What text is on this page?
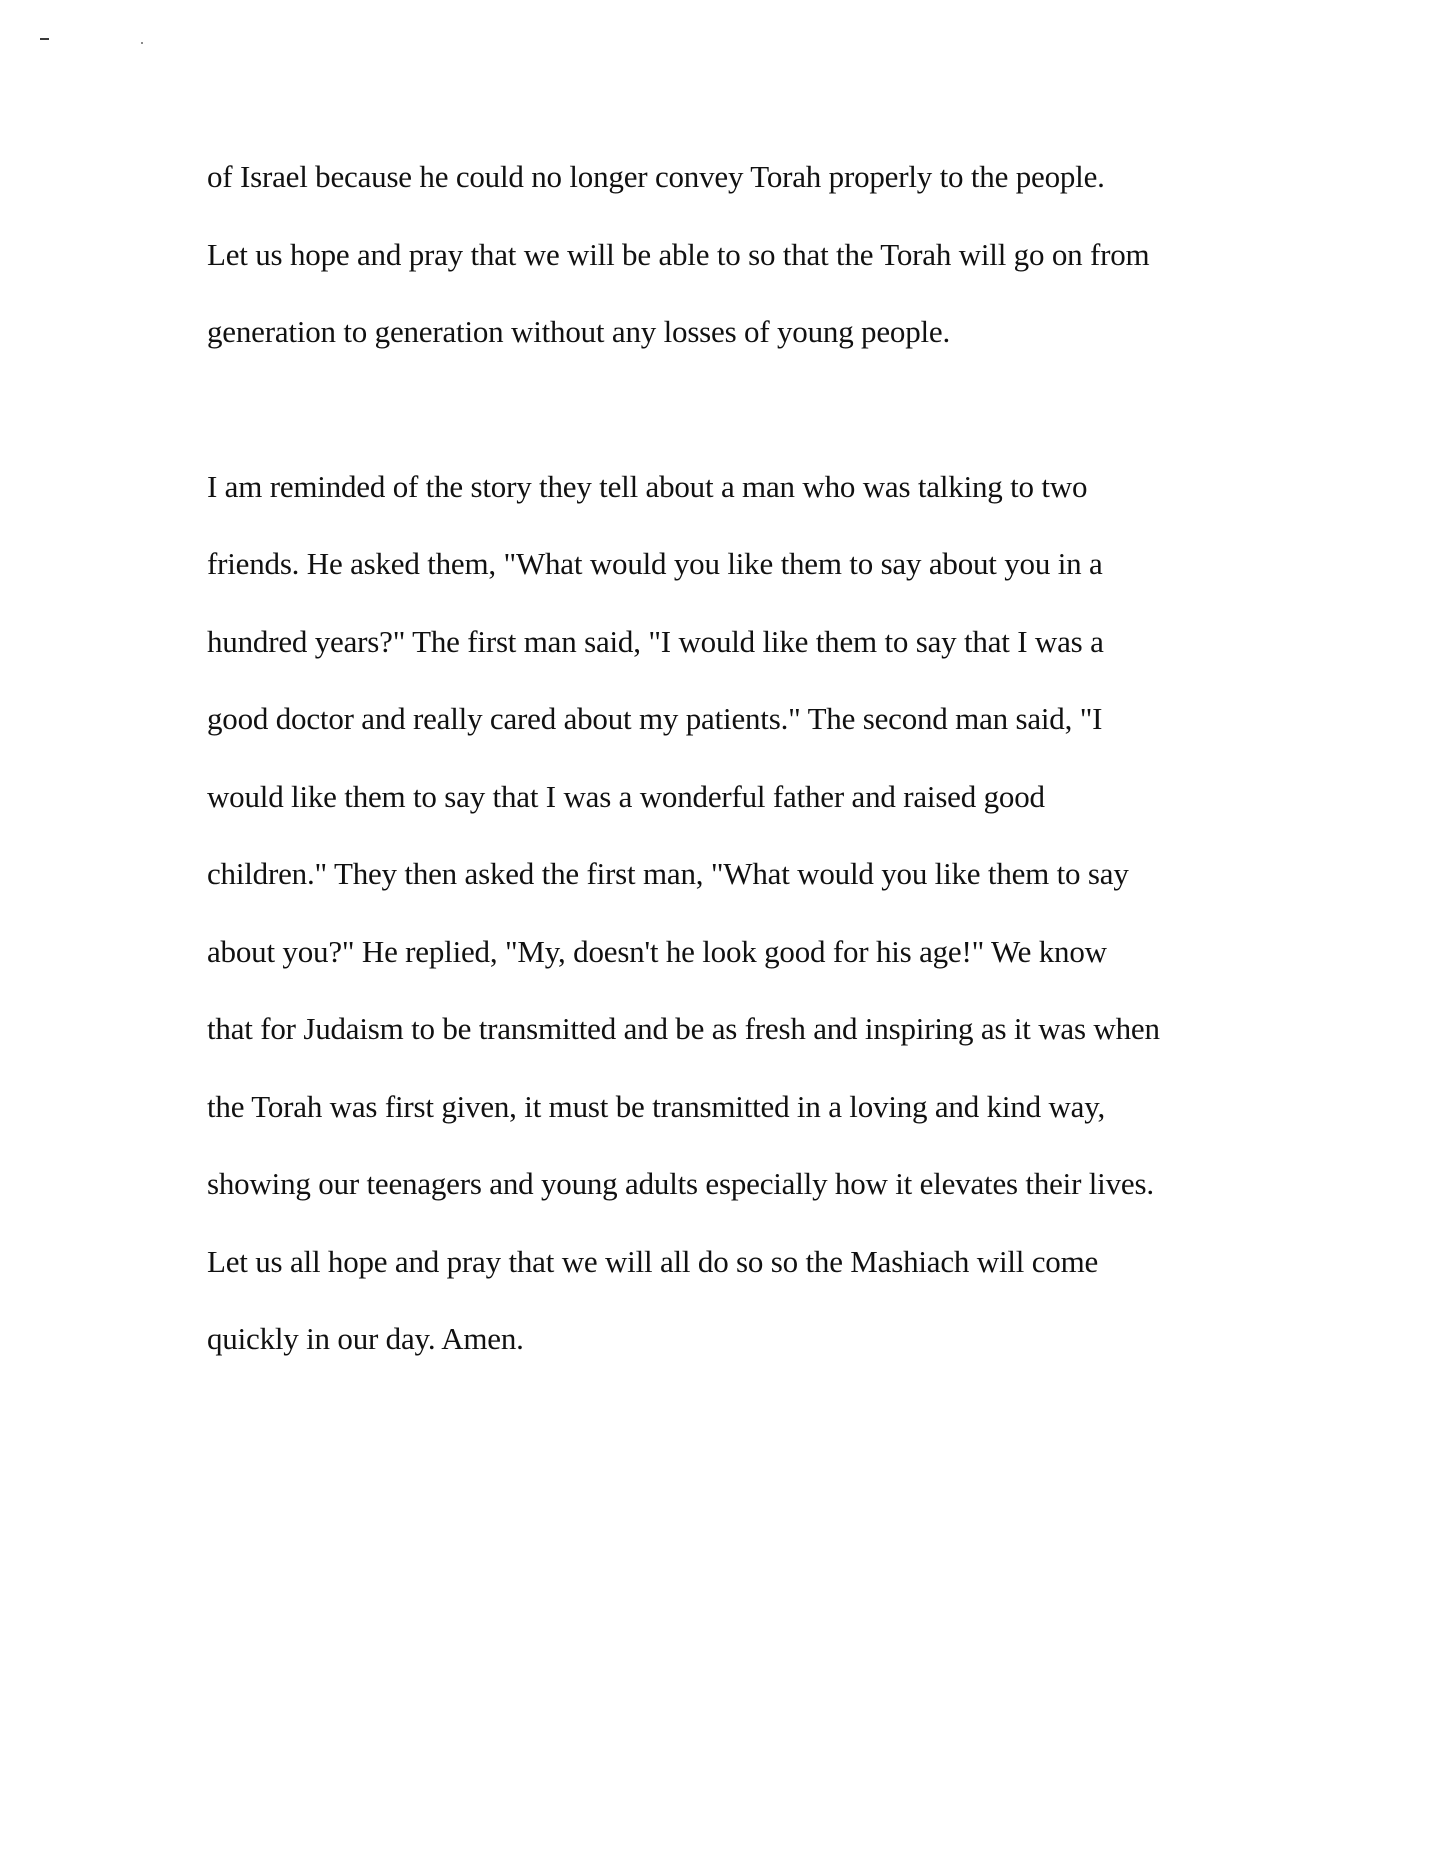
of Israel because he could no longer convey Torah properly to the people.
Let us hope and pray that we will be able to so that the Torah will go on from
generation to generation without any losses of young people.
I am reminded of the story they tell about a man who was talking to two
friends. He asked them, "What would you like them to say about you in a
hundred years?" The first man said, "I would like them to say that I was a
good doctor and really cared about my patients." The second man said, "I
would like them to say that I was a wonderful father and raised good
children." They then asked the first man, "What would you like them to say
about you?" He replied, "My, doesn't he look good for his age!" We know
that for Judaism to be transmitted and be as fresh and inspiring as it was when
the Torah was first given, it must be transmitted in a loving and kind way,
showing our teenagers and young adults especially how it elevates their lives.
Let us all hope and pray that we will all do so so the Mashiach will come
quickly in our day. Amen.
